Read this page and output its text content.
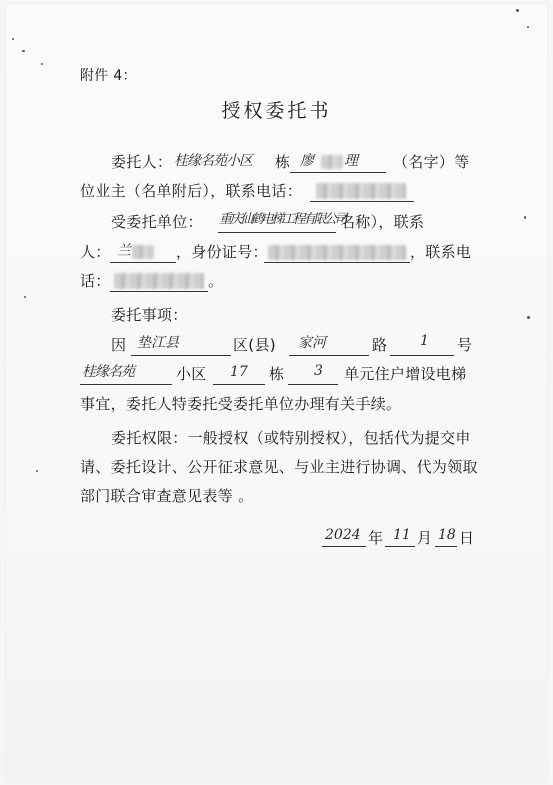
附件 4：
授权委托书
委托人： 桂缘名苑小区 栋 廖 理 （名字）等
位业主（名单附后），联系电话：
受委托单位： 重庆仙鹤电梯工程有限公司
名称），联系
人： 兰	，身份证号：	，联系电
话：	。
委托事项：
因 垫江县	区(县) 家河	路 1 号
桂缘名苑	小区 17 栋 3 单元住户增设电梯
事宜，委托人特委托受委托单位办理有关手续。
委托权限：一般授权（或特别授权），包括代为提交申
请、委托设计、公开征求意见、与业主进行协调、代为领取
部门联合审查意见表等 。
2024 年 11 月 18 日
